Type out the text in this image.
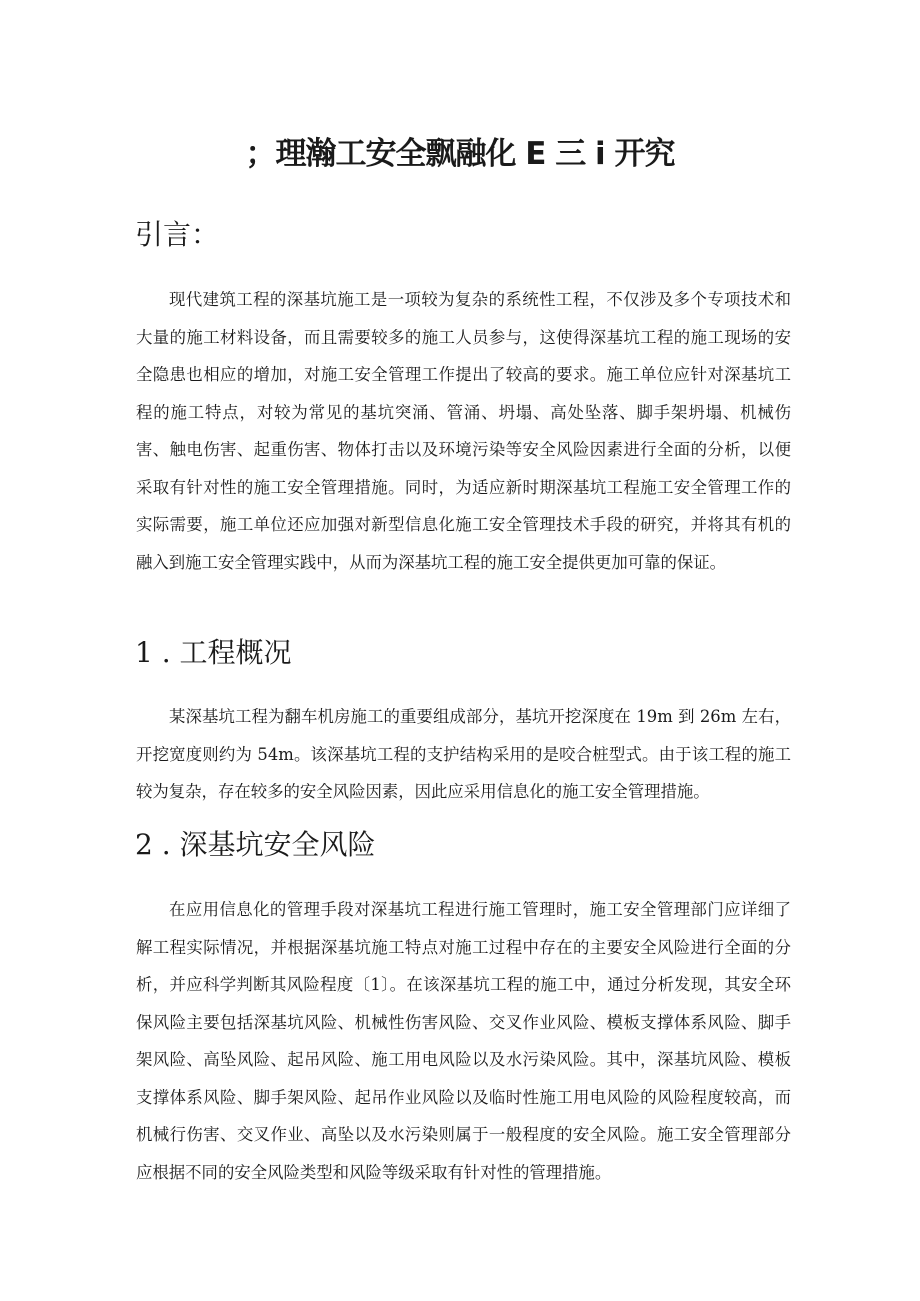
；理瀚工安全飘融化 E 三 i 开究
引言：

现代建筑工程的深基坑施工是一项较为复杂的系统性工程，不仅涉及多个专项技术和大量的施工材料设备，而且需要较多的施工人员参与，这使得深基坑工程的施工现场的安全隐患也相应的增加，对施工安全管理工作提出了较高的要求。施工单位应针对深基坑工程的施工特点，对较为常见的基坑突涌、管涌、坍塌、高处坠落、脚手架坍塌、机械伤害、触电伤害、起重伤害、物体打击以及环境污染等安全风险因素进行全面的分析，以便采取有针对性的施工安全管理措施。同时，为适应新时期深基坑工程施工安全管理工作的实际需要，施工单位还应加强对新型信息化施工安全管理技术手段的研究，并将其有机的融入到施工安全管理实践中，从而为深基坑工程的施工安全提供更加可靠的保证。

1 . 工程概况

某深基坑工程为翻车机房施工的重要组成部分，基坑开挖深度在 19m 到 26m 左右，开挖宽度则约为 54m。该深基坑工程的支护结构采用的是咬合桩型式。由于该工程的施工较为复杂，存在较多的安全风险因素，因此应采用信息化的施工安全管理措施。

2 . 深基坑安全风险

在应用信息化的管理手段对深基坑工程进行施工管理时，施工安全管理部门应详细了解工程实际情况，并根据深基坑施工特点对施工过程中存在的主要安全风险进行全面的分析，并应科学判断其风险程度〔1〕。在该深基坑工程的施工中，通过分析发现，其安全环保风险主要包括深基坑风险、机械性伤害风险、交叉作业风险、模板支撑体系风险、脚手架风险、高坠风险、起吊风险、施工用电风险以及水污染风险。其中，深基坑风险、模板支撑体系风险、脚手架风险、起吊作业风险以及临时性施工用电风险的风险程度较高，而机械行伤害、交叉作业、高坠以及水污染则属于一般程度的安全风险。施工安全管理部分应根据不同的安全风险类型和风险等级采取有针对性的管理措施。
